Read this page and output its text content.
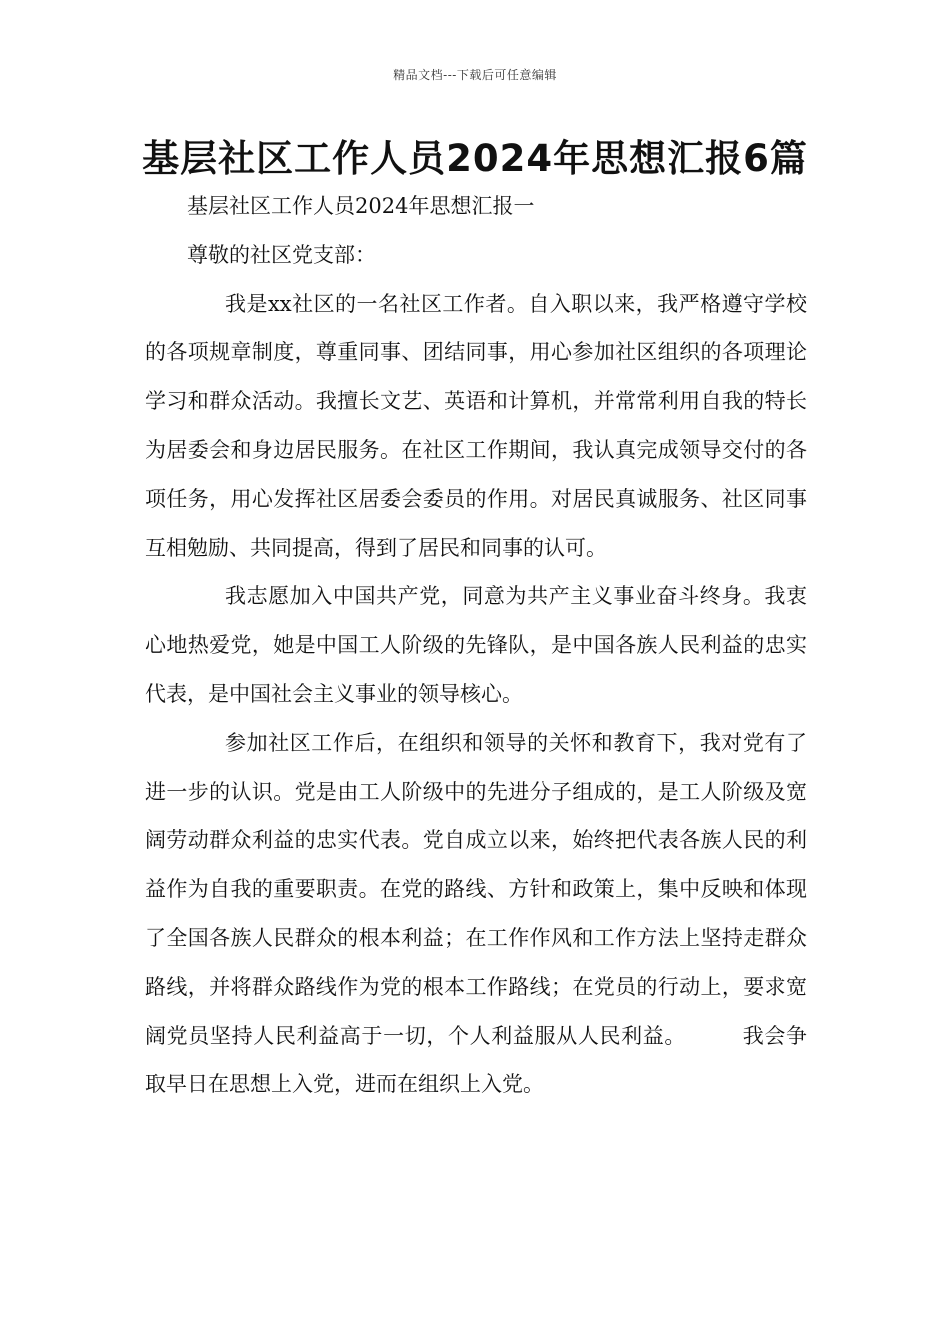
精品文档---下载后可任意编辑
基层社区工作人员2024年思想汇报6篇

基层社区工作人员2024年思想汇报一

尊敬的社区党支部：

我是xx社区的一名社区工作者。自入职以来，我严格遵守学校的各项规章制度，尊重同事、团结同事，用心参加社区组织的各项理论学习和群众活动。我擅长文艺、英语和计算机，并常常利用自我的特长为居委会和身边居民服务。在社区工作期间，我认真完成领导交付的各项任务，用心发挥社区居委会委员的作用。对居民真诚服务、社区同事互相勉励、共同提高，得到了居民和同事的认可。

我志愿加入中国共产党，同意为共产主义事业奋斗终身。我衷心地热爱党，她是中国工人阶级的先锋队，是中国各族人民利益的忠实代表，是中国社会主义事业的领导核心。

参加社区工作后，在组织和领导的关怀和教育下，我对党有了进一步的认识。党是由工人阶级中的先进分子组成的，是工人阶级及宽阔劳动群众利益的忠实代表。党自成立以来，始终把代表各族人民的利益作为自我的重要职责。在党的路线、方针和政策上，集中反映和体现了全国各族人民群众的根本利益；在工作作风和工作方法上坚持走群众路线，并将群众路线作为党的根本工作路线；在党员的行动上，要求宽阔党员坚持人民利益高于一切，个人利益服从人民利益。	我会争取早日在思想上入党，进而在组织上入党。
